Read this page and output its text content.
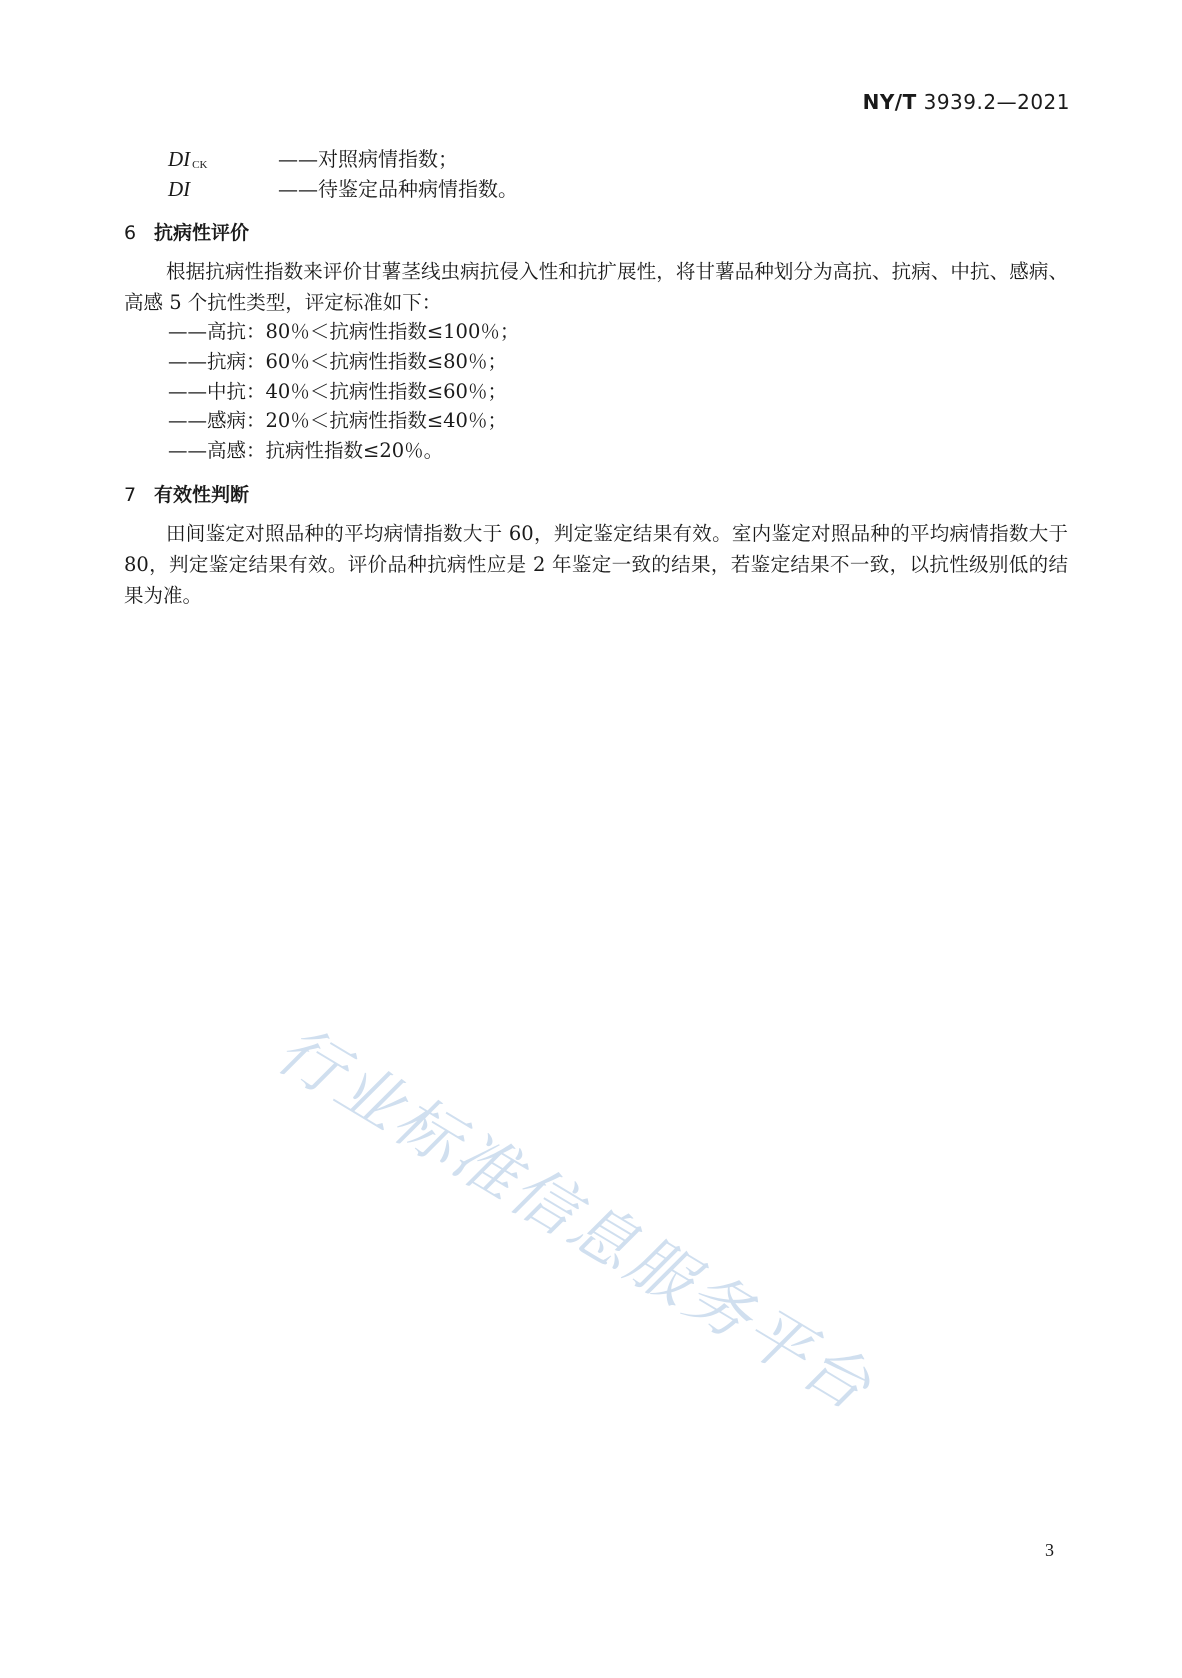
NY/T 3939.2—2021
DI $_{CK}$	——对照病情指数；
DI	——待鉴定品种病情指数。
6 抗病性评价
根据抗病性指数来评价甘薯茎线虫病抗侵入性和抗扩展性，将甘薯品种划分为高抗、抗病、中抗、感病、高感 5 个抗性类型，评定标准如下：
——高抗：80％＜抗病性指数≤100％；
——抗病：60％＜抗病性指数≤80％；
——中抗：40％＜抗病性指数≤60％；
——感病：20％＜抗病性指数≤40％；
——高感：抗病性指数≤20％。
7 有效性判断
田间鉴定对照品种的平均病情指数大于 60，判定鉴定结果有效。室内鉴定对照品种的平均病情指数大于 80，判定鉴定结果有效。评价品种抗病性应是 2 年鉴定一致的结果，若鉴定结果不一致，以抗性级别低的结果为准。
行业标准信息服务平台
3
